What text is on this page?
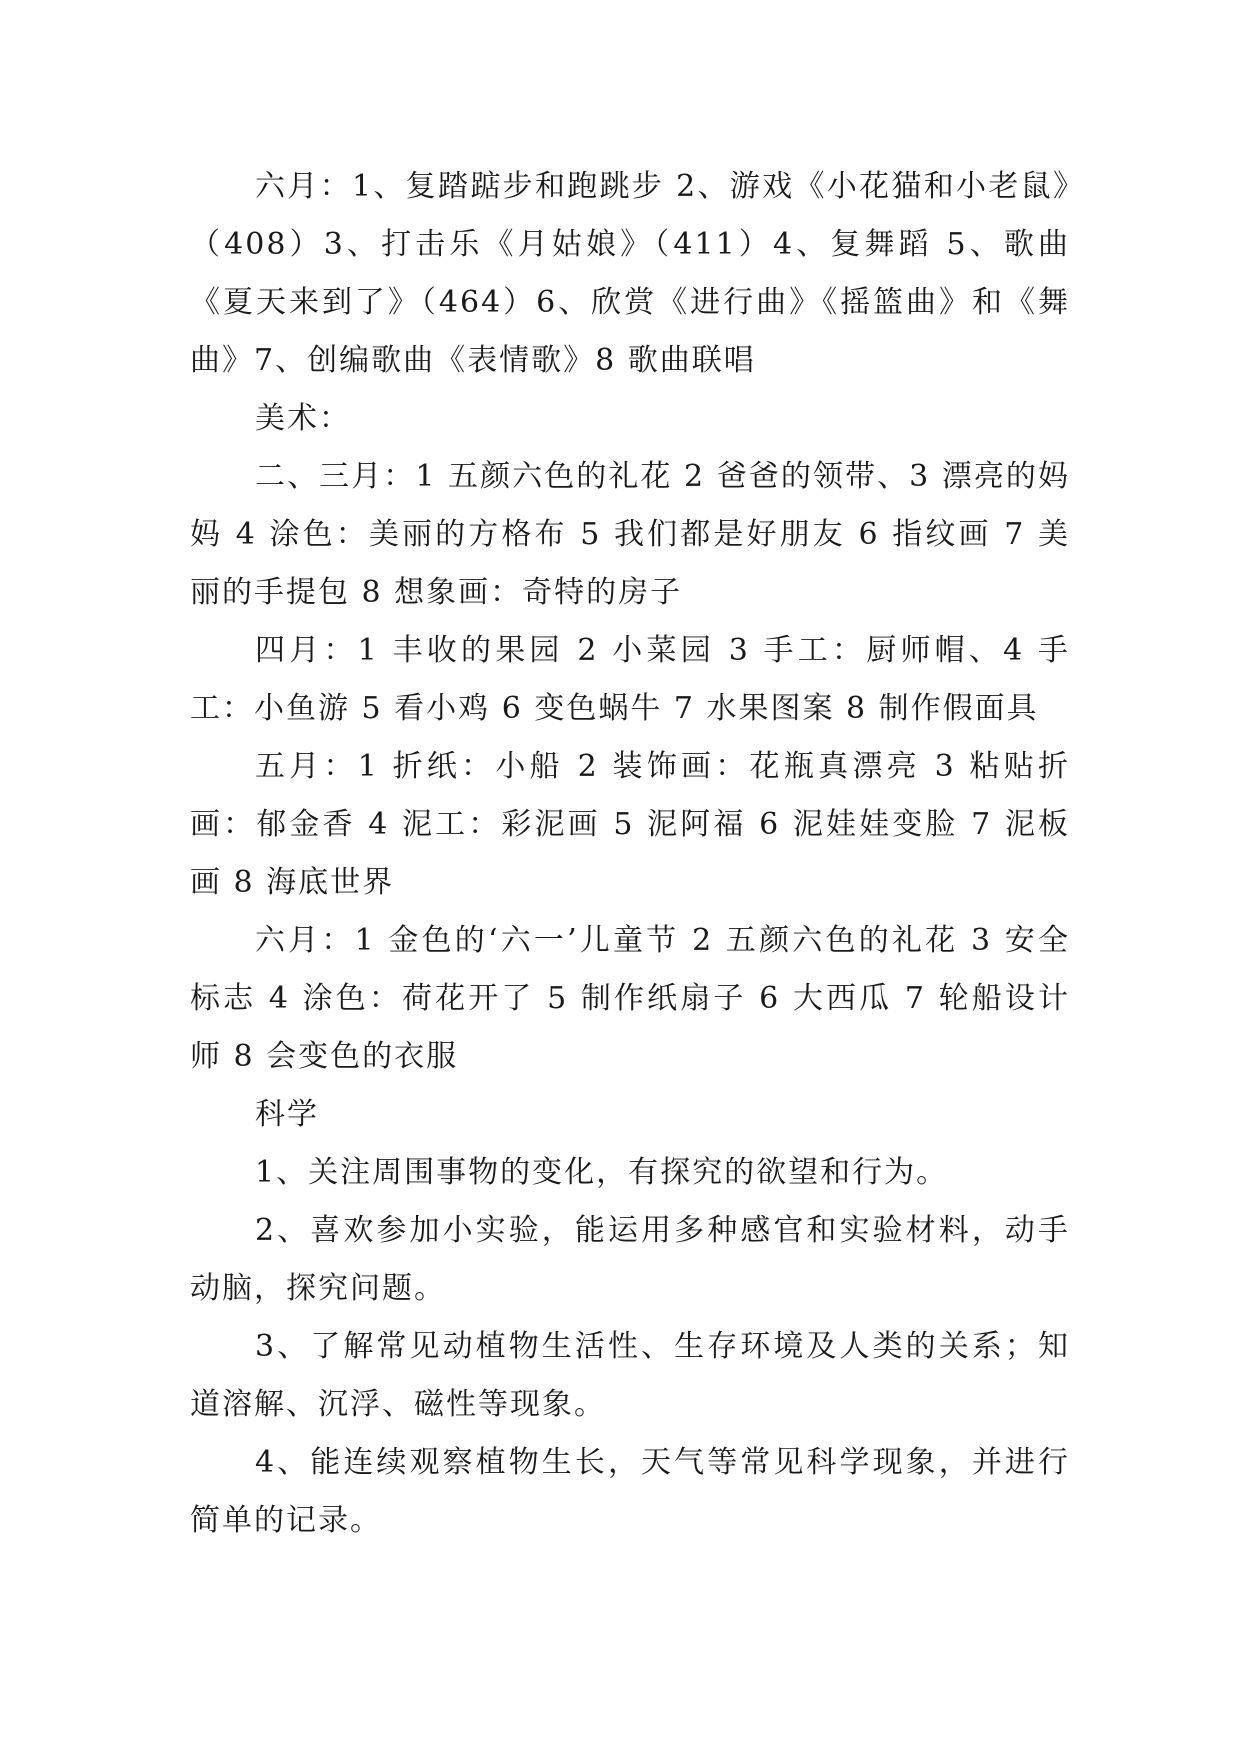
六月：1、复踏踮步和跑跳步 2、游戏《小花猫和小老鼠》（408）3、打击乐《月姑娘》（411）4、复舞蹈 5、歌曲《夏天来到了》（464）6、欣赏《进行曲》《摇篮曲》和《舞曲》7、创编歌曲《表情歌》8 歌曲联唱

美术：

二、三月：1 五颜六色的礼花 2 爸爸的领带、3 漂亮的妈妈 4 涂色：美丽的方格布 5 我们都是好朋友 6 指纹画 7 美丽的手提包 8 想象画：奇特的房子

四月：1 丰收的果园 2 小菜园 3 手工：厨师帽、4 手工：小鱼游 5 看小鸡 6 变色蜗牛 7 水果图案 8 制作假面具

五月：1 折纸：小船 2 装饰画：花瓶真漂亮 3 粘贴折画：郁金香 4 泥工：彩泥画 5 泥阿福 6 泥娃娃变脸 7 泥板画 8 海底世界

六月：1 金色的‘六一’儿童节 2 五颜六色的礼花 3 安全标志 4 涂色：荷花开了 5 制作纸扇子 6 大西瓜 7 轮船设计师 8 会变色的衣服

科学

1、关注周围事物的变化，有探究的欲望和行为。

2、喜欢参加小实验，能运用多种感官和实验材料，动手动脑，探究问题。

3、了解常见动植物生活性、生存环境及人类的关系；知道溶解、沉浮、磁性等现象。

4、能连续观察植物生长，天气等常见科学现象，并进行简单的记录。
